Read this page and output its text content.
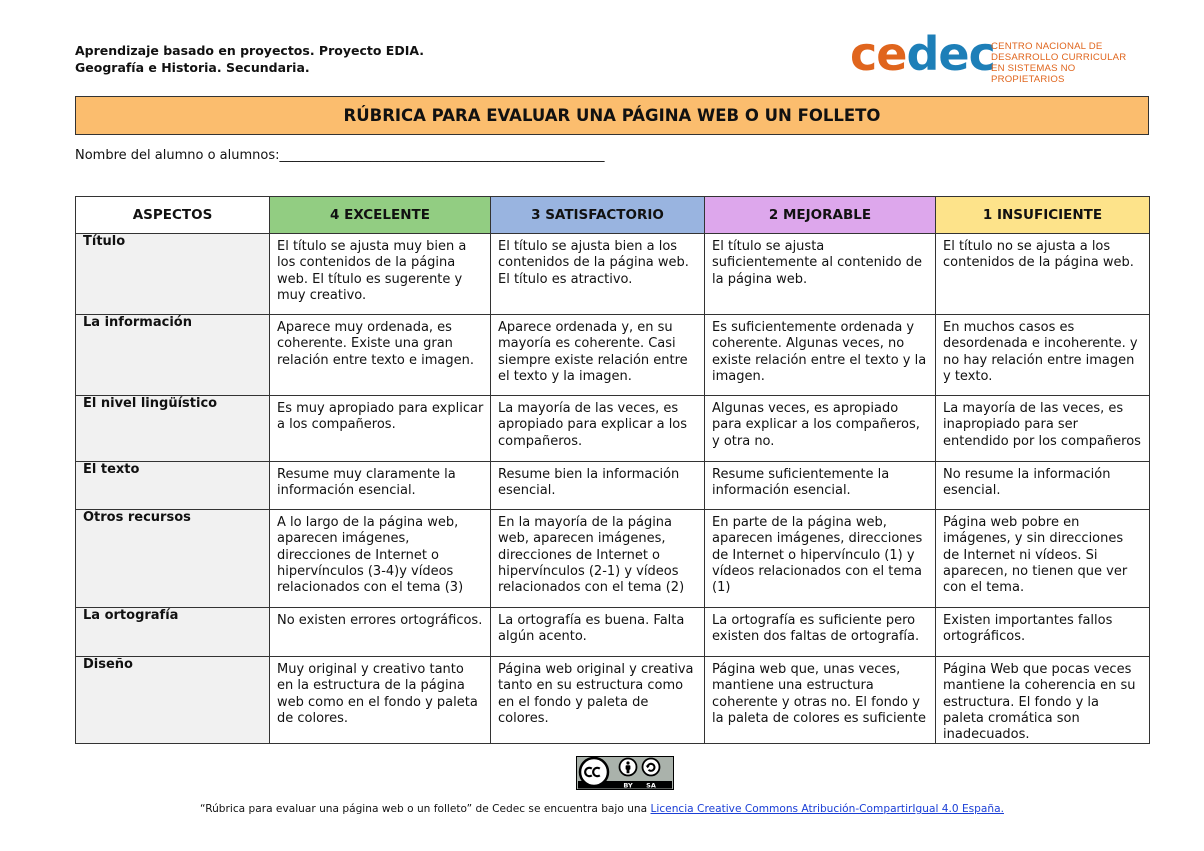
Aprendizaje basado en proyectos. Proyecto EDIA.
Geografía e Historia. Secundaria.	cedec
CENTRO NACIONAL DE
DESARROLLO CURRICULAR
EN SISTEMAS NO PROPIETARIOS
RÚBRICA PARA EVALUAR UNA PÁGINA WEB O UN FOLLETO
Nombre del alumno o alumnos:__________________________________________________
ASPECTOS	4 EXCELENTE	3 SATISFACTORIO	2 MEJORABLE	1 INSUFICIENTE
Título	El título se ajusta muy bien a los contenidos de la página web. El título es sugerente y muy creativo.	El título se ajusta bien a los contenidos de la página web. El título es atractivo.	El título se ajusta suficientemente al contenido de la página web.	El título no se ajusta a los contenidos de la página web.
La información	Aparece muy ordenada, es coherente. Existe una gran relación entre texto e imagen.	Aparece ordenada y, en su mayoría es coherente. Casi siempre existe relación entre el texto y la imagen.	Es suficientemente ordenada y coherente. Algunas veces, no existe relación entre el texto y la imagen.	En muchos casos es desordenada e incoherente. y no hay relación entre imagen y texto.
El nivel lingüístico	Es muy apropiado para explicar a los compañeros.	La mayoría de las veces, es apropiado para explicar a los compañeros.	Algunas veces, es apropiado para explicar a los compañeros, y otra no.	La mayoría de las veces, es inapropiado para ser entendido por los compañeros
El texto	Resume muy claramente la información esencial.	Resume bien la información esencial.	Resume suficientemente la información esencial.	No resume la información esencial.
Otros recursos	A lo largo de la página web, aparecen imágenes, direcciones de Internet o hipervínculos (3-4)y vídeos relacionados con el tema (3)	En la mayoría de la página web, aparecen imágenes, direcciones de Internet o hipervínculos (2-1) y vídeos relacionados con el tema (2)	En parte de la página web, aparecen imágenes, direcciones de Internet o hipervínculo (1) y vídeos relacionados con el tema (1)	Página web pobre en imágenes, y sin direcciones de Internet ni vídeos. Si aparecen, no tienen que ver con el tema.
La ortografía	No existen errores ortográficos.	La ortografía es buena. Falta algún acento.	La ortografía es suficiente pero existen dos faltas de ortografía.	Existen importantes fallos ortográficos.
Diseño	Muy original y creativo tanto en la estructura de la página web como en el fondo y paleta de colores.	Página web original y creativa tanto en su estructura como en el fondo y paleta de colores.	Página web que, unas veces, mantiene una estructura coherente y otras no. El fondo y la paleta de colores es suficiente	Página Web que pocas veces mantiene la coherencia en su estructura. El fondo y la paleta cromática son inadecuados.
BY SA
“Rúbrica para evaluar una página web o un folleto” de Cedec se encuentra bajo una Licencia Creative Commons Atribución-CompartirIgual 4.0 España.
